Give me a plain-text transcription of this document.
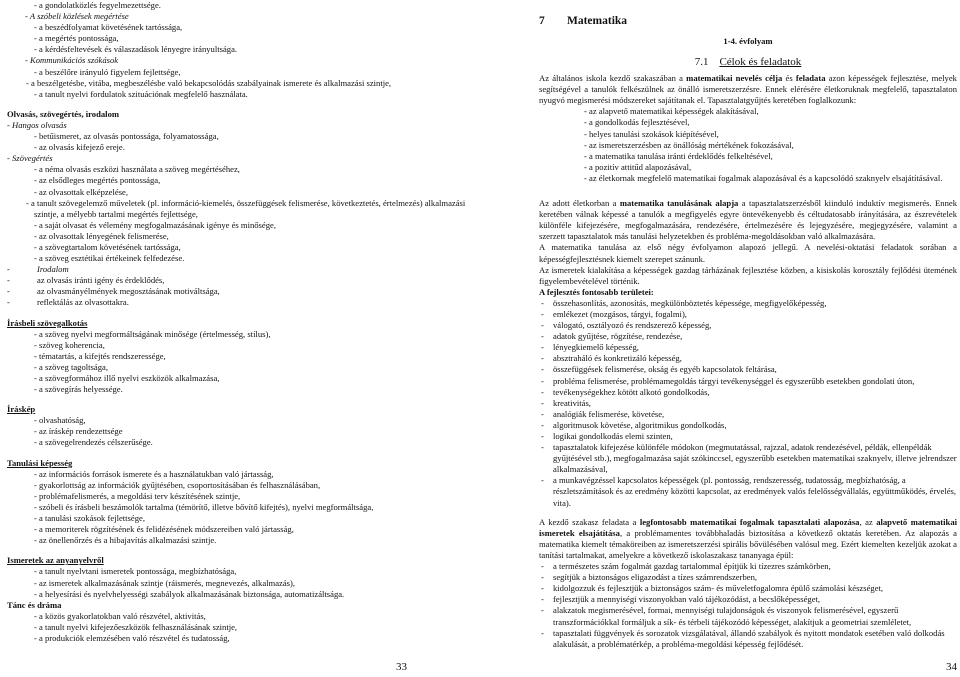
- a gondolatközlés fegyelmezettsége.
- A szóbeli közlések megértése
- a beszédfolyamat követésének tartóssága,
- a megértés pontossága,
- a kérdésfeltevések és válaszadások lényegre irányultsága.
- Kommunikációs szókások
- a beszélőre irányuló figyelem fejlettsége,
- a beszélgetésbe, vitába, megbeszélésbe való bekapcsolódás szabályainak ismerete és alkalmazási szintje,
- a tanult nyelvi fordulatok szituációnak megfelelő használata.
Olvasás, szövegértés, irodalom
- Hangos olvasás
- betűismeret, az olvasás pontossága, folyamatossága,
- az olvasás kifejező ereje.
- Szövegértés
- a néma olvasás eszközi használata a szöveg megértéséhez,
- az elsődleges megértés pontossága,
- az olvasottak elképzelése,
- a tanult szövegelemző műveletek (pl. információ-kiemelés, összefüggések felismerése, következtetés, értelmezés) alkalmazási szintje, a mélyebb tartalmi megértés fejlettsége,
- a saját olvasat és vélemény megfogalmazásának igénye és minősége,
- az olvasottak lényegének felismerése,
- a szövegtartalom követésének tartóssága,
- a szöveg esztétikai értékeinek felfedezése.
-	Irodalom
-	az olvasás iránti igény és érdeklődés,
-	az olvasmányélmények megosztásának motiváltsága,
-	reflektálás az olvasottakra.
Írásbeli szövegalkotás
- a szöveg nyelvi megformáltságának minősége (értelmesség, stílus),
- szöveg koherencia,
- tématartás, a kifejtés rendszeressége,
- a szöveg tagoltsága,
- a szövegformához illő nyelvi eszközök alkalmazása,
- a szövegírás helyessége.
Íráskép
- olvashatóság,
- az íráskép rendezettsége
- a szövegelrendezés célszerűsége.
Tanulási képesség
- az információs források ismerete és a használatukban való jártasság,
- gyakorlottság az információk gyűjtésében, csoportosításában és felhasználásában,
- problémafelismerés, a megoldási terv készítésének szintje,
- szóbeli és írásbeli beszámolók tartalma (témörítő, illetve bővítő kifejtés), nyelvi megformáltsága,
- a tanulási szokások fejlettsége,
- a memoriterek rögzítésének és felidézésének módszereiben való jártasság,
- az önellenőrzés és a hibajavítás alkalmazási szintje.
Ismeretek az anyanyelvről
- a tanult nyelvtani ismeretek pontossága, megbízhatósága,
- az ismeretek alkalmazásának szintje (ráismerés, megnevezés, alkalmazás),
- a helyesírási és nyelvhelyességi szabályok alkalmazásának biztonsága, automatizáltsága.
Tánc és dráma
- a közös gyakorlatokban való részvétel, aktivitás,
- a tanult nyelvi kifejezőeszközök felhasználásának szintje,
- a produkciók elemzésében való részvétel és tudatosság,
33
7	Matematika
1-4. évfolyam
7.1 Célok és feladatok

Az általános iskola kezdő szakaszában a matematikai nevelés célja és feladata azon képességek fejlesztése, melyek segítségével a tanulók felkészülnek az önálló ismeretszerzésre. Ennek elérésére életkoruknak megfelelő, tapasztalaton nyugvó megismerési módszereket sajátítanak el. Tapasztalatgyűjtés keretében foglalkozunk:

- az alapvető matematikai képességek alakításával,
- a gondolkodás fejlesztésével,
- helyes tanulási szokások kiépítésével,
- az ismeretszerzésben az önállóság mértékének fokozásával,
- a matematika tanulása iránti érdeklődés felkeltésével,
- a pozitív attitűd alapozásával,
- az életkornak megfelelő matematikai fogalmak alapozásával és a kapcsolódó szaknyelv elsajátításával.

Az adott életkorban a matematika tanulásának alapja a tapasztalatszerzésből kiinduló induktív megismerés. Ennek keretében válnak képessé a tanulók a megfigyelés egyre öntevékenyebb és céltudatosabb irányítására, az észrevételek különféle kifejezésére, megfogalmazására, rendezésére, értelmezésére és lejegyzésére, megjegyzésére, valamint a szerzett tapasztalatok más tanulási helyzetekben és probléma-megoldásokban való alkalmazására.

A matematika tanulása az első négy évfolyamon alapozó jellegű. A nevelési-oktatási feladatok sorában a képességfejlesztésnek kiemelt szerepet szánunk.

Az ismeretek kialakítása a képességek gazdag tárházának fejlesztése közben, a kisiskolás korosztály fejlődési ütemének figyelembevételével történik.

A fejlesztés fontosabb területei:
-	összehasonlítás, azonosítás, megkülönböztetés képessége, megfigyelőképesség,
-	emlékezet (mozgásos, tárgyi, fogalmi),
-	válogató, osztályozó és rendszerező képesség,
-	adatok gyűjtése, rögzítése, rendezése,
-	lényegkiemelő képesség,
-	absztraháló és konkretizáló képesség,
-	összefüggések felismerése, okság és egyéb kapcsolatok feltárása,
-	probléma felismerése, problémamegoldás tárgyi tevékenységgel és egyszerűbb esetekben gondolati úton,
-	tevékenységekhez kötött alkotó gondolkodás,
-	kreativitás,
-	analógiák felismerése, követése,
-	algoritmusok követése, algoritmikus gondolkodás,
-	logikai gondolkodás elemi szinten,
-	tapasztalatok kifejezése különféle módokon (megmutatással, rajzzal, adatok rendezésével, példák, ellenpéldák gyűjtésével stb.), megfogalmazása saját szókinccsel, egyszerűbb esetekben matematikai szaknyelv, illetve jelrendszer alkalmazásával,
-	a munkavégzéssel kapcsolatos képességek (pl. pontosság, rendszeresség, tudatosság, megbízhatóság, a részletszámítások és az eredmény közötti kapcsolat, az eredmények valós felelősségvállalás, együttműködés, érvelés, vita).

A kezdő szakasz feladata a legfontosabb matematikai fogalmak tapasztalati alapozása, az alapvető matematikai ismeretek elsajátítása, a problémamentes továbbhaladás biztosítása a következő oktatás keretében. Az alapozás a matematika kiemelt témaköreiben az ismeretszerzési spirális bővülésében valósul meg. Ezért kiemelten kezeljük azokat a tanítási tartalmakat, amelyekre a következő iskolaszakasz tananyaga épül:

-	a természetes szám fogalmát gazdag tartalommal építjük ki tízezres számkörben,
-	segítjük a biztonságos eligazodást a tízes számrendszerben,
-	kidolgozzuk és fejlesztjük a biztonságos szám- és műveletfogalomra épülő számolási készséget,
-	fejlesztjük a mennyiségi viszonyokban való tájékozódást, a becslőképességet,
-	alakzatok megismerésével, formai, mennyiségi tulajdonságok és viszonyok felismerésével, egyszerű transzformációkkal formáljuk a sík- és térbeli tájékozódó képességet, alakítjuk a geometriai szemléletet,
-	tapasztalati függvények és sorozatok vizsgálatával, állandó szabályok és nyitott mondatok esetében való dolkodás alakulását, a problématérkép, a probléma-megoldási képesség fejlődését.
34
